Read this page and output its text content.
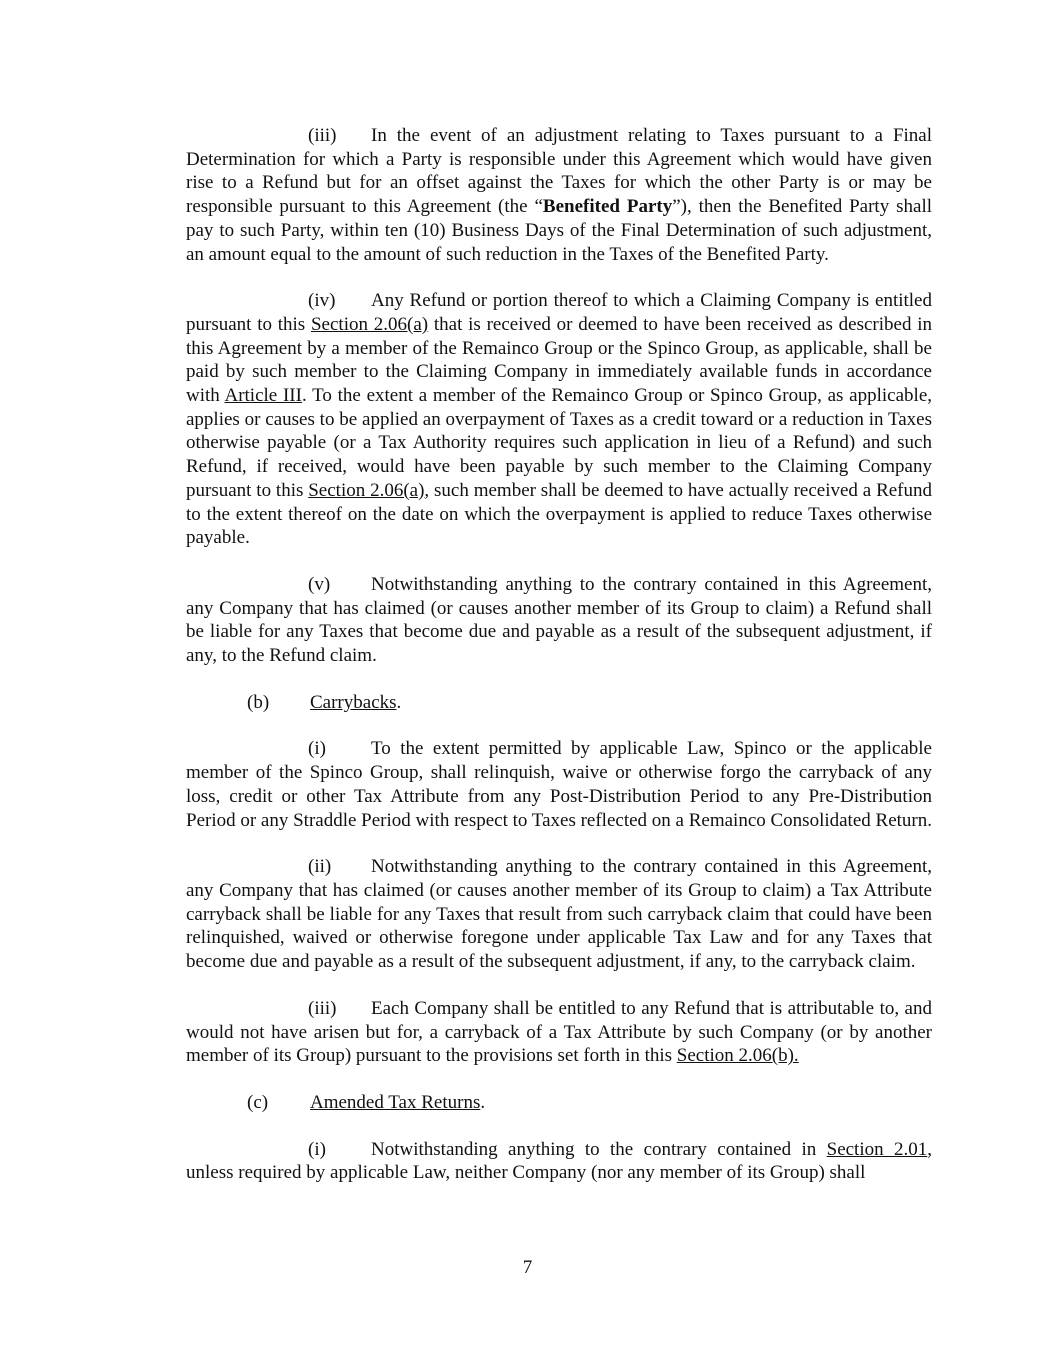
(iii) In the event of an adjustment relating to Taxes pursuant to a Final Determination for which a Party is responsible under this Agreement which would have given rise to a Refund but for an offset against the Taxes for which the other Party is or may be responsible pursuant to this Agreement (the “Benefited Party”), then the Benefited Party shall pay to such Party, within ten (10) Business Days of the Final Determination of such adjustment, an amount equal to the amount of such reduction in the Taxes of the Benefited Party.

(iv) Any Refund or portion thereof to which a Claiming Company is entitled pursuant to this Section 2.06(a) that is received or deemed to have been received as described in this Agreement by a member of the Remainco Group or the Spinco Group, as applicable, shall be paid by such member to the Claiming Company in immediately available funds in accordance with Article III. To the extent a member of the Remainco Group or Spinco Group, as applicable, applies or causes to be applied an overpayment of Taxes as a credit toward or a reduction in Taxes otherwise payable (or a Tax Authority requires such application in lieu of a Refund) and such Refund, if received, would have been payable by such member to the Claiming Company pursuant to this Section 2.06(a), such member shall be deemed to have actually received a Refund to the extent thereof on the date on which the overpayment is applied to reduce Taxes otherwise payable.

(v) Notwithstanding anything to the contrary contained in this Agreement, any Company that has claimed (or causes another member of its Group to claim) a Refund shall be liable for any Taxes that become due and payable as a result of the subsequent adjustment, if any, to the Refund claim.

(b) Carrybacks.

(i) To the extent permitted by applicable Law, Spinco or the applicable member of the Spinco Group, shall relinquish, waive or otherwise forgo the carryback of any loss, credit or other Tax Attribute from any Post-Distribution Period to any Pre-Distribution Period or any Straddle Period with respect to Taxes reflected on a Remainco Consolidated Return.

(ii) Notwithstanding anything to the contrary contained in this Agreement, any Company that has claimed (or causes another member of its Group to claim) a Tax Attribute carryback shall be liable for any Taxes that result from such carryback claim that could have been relinquished, waived or otherwise foregone under applicable Tax Law and for any Taxes that become due and payable as a result of the subsequent adjustment, if any, to the carryback claim.

(iii) Each Company shall be entitled to any Refund that is attributable to, and would not have arisen but for, a carryback of a Tax Attribute by such Company (or by another member of its Group) pursuant to the provisions set forth in this Section 2.06(b).

(c) Amended Tax Returns.

(i) Notwithstanding anything to the contrary contained in Section 2.01, unless required by applicable Law, neither Company (nor any member of its Group) shall

7
